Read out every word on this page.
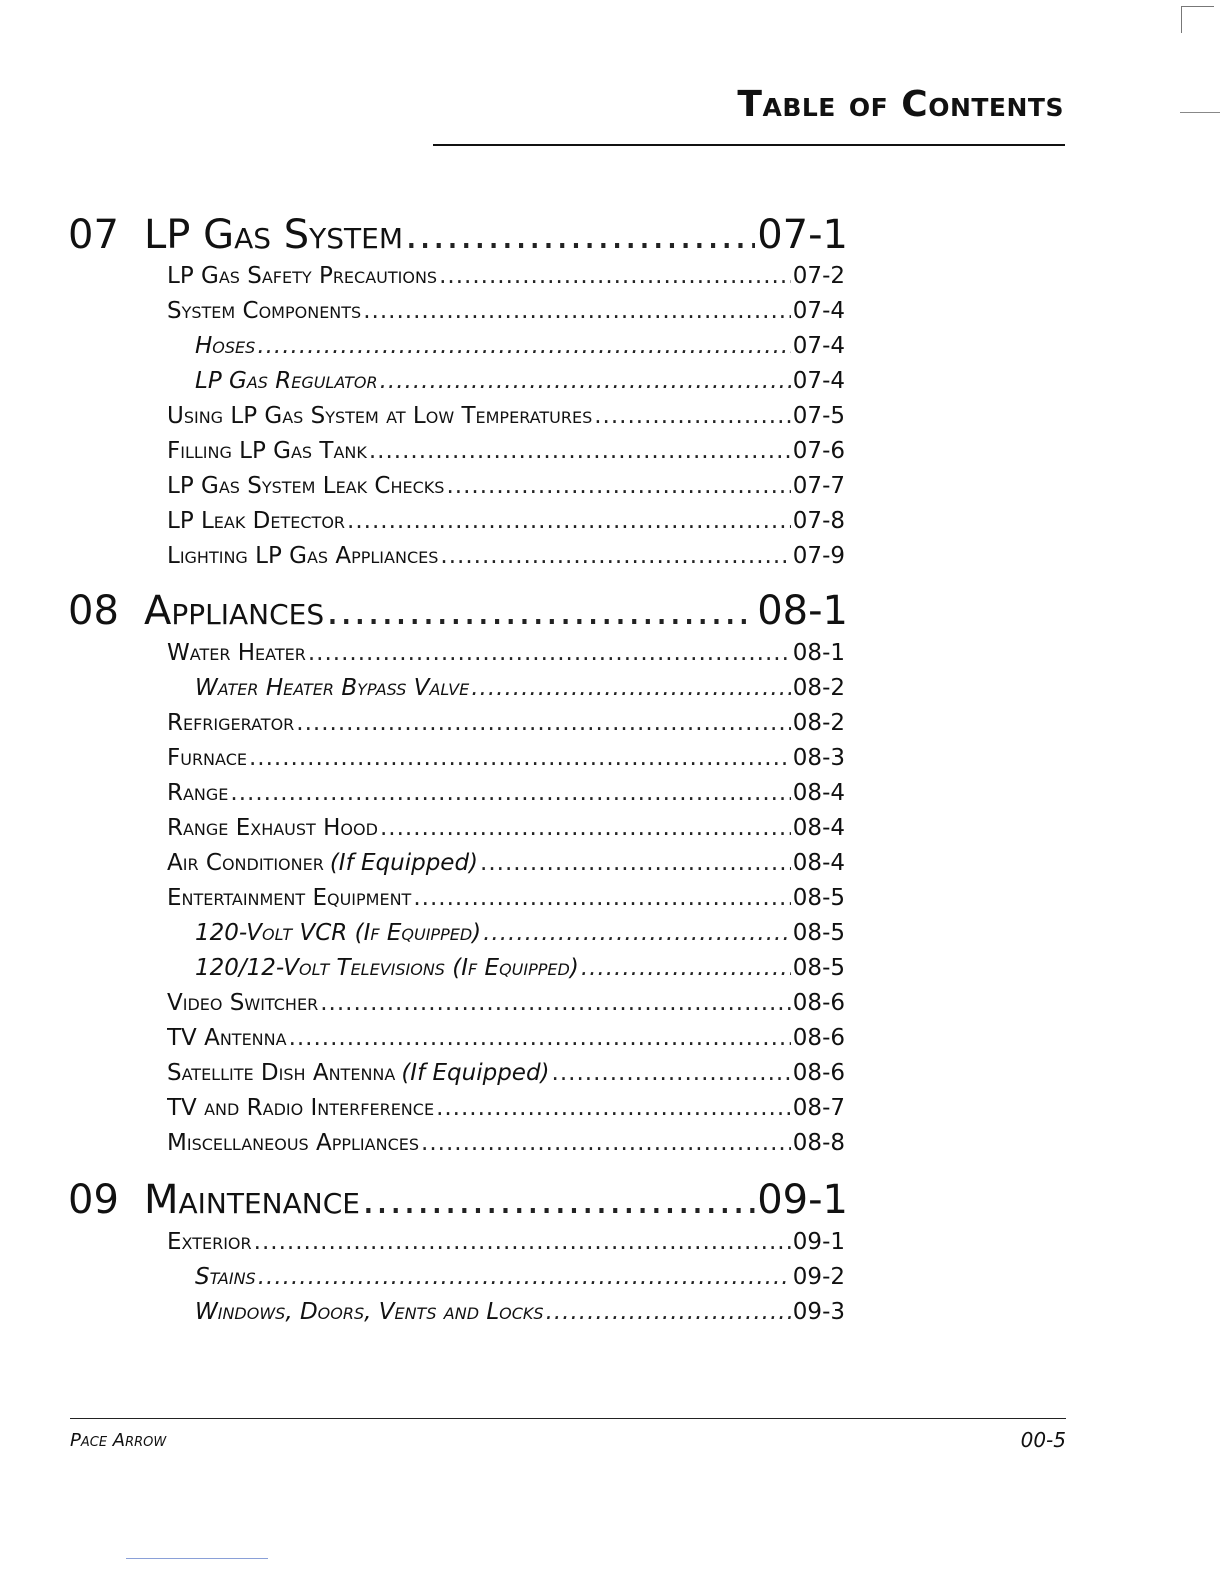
Table of Contents
07 LP Gas System .....	07-1
LP Gas Safety Precautions .....	07-2
System Components .....	07-4
Hoses .....	07-4
LP Gas Regulator .....	07-4
Using LP Gas System at Low Temperatures .....	07-5
Filling LP Gas Tank .....	07-6
LP Gas System Leak Checks .....	07-7
LP Leak Detector .....	07-8
Lighting LP Gas Appliances .....	07-9
08 Appliances .....	08-1
Water Heater .....	08-1
Water Heater Bypass Valve .....	08-2
Refrigerator .....	08-2
Furnace .....	08-3
Range .....	08-4
Range Exhaust Hood .....	08-4
Air Conditioner (If Equipped) .....	08-4
Entertainment Equipment .....	08-5
120-Volt VCR (If Equipped) .....	08-5
120/12-Volt Televisions (If Equipped) .....	08-5
Video Switcher .....	08-6
TV Antenna .....	08-6
Satellite Dish Antenna (If Equipped) .....	08-6
TV and Radio Interference .....	08-7
Miscellaneous Appliances .....	08-8
09 Maintenance .....	09-1
Exterior .....	09-1
Stains .....	09-2
Windows, Doors, Vents and Locks .....	09-3
Pace Arrow	00-5
